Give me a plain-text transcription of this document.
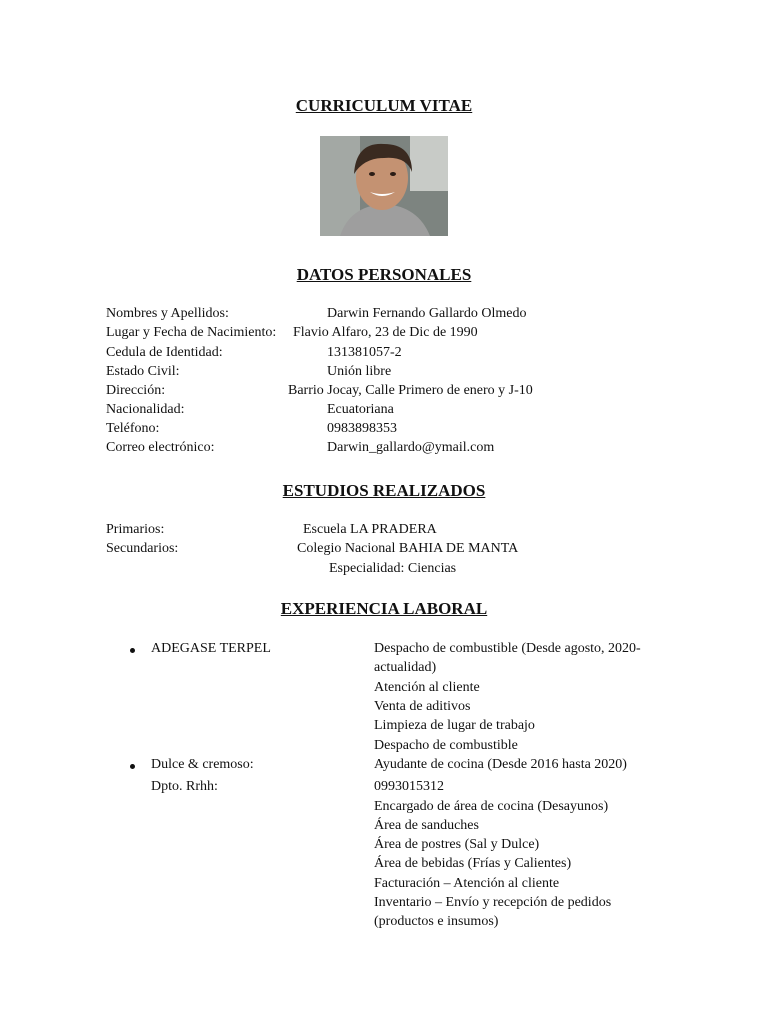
CURRICULUM VITAE
DATOS PERSONALES
Nombres y Apellidos:	Darwin Fernando Gallardo Olmedo
Lugar y Fecha de Nacimiento: Flavio Alfaro, 23 de Dic de 1990
Cedula de Identidad:	131381057-2
Estado Civil:	Unión libre
Dirección:	Barrio Jocay, Calle Primero de enero y J-10
Nacionalidad:	Ecuatoriana
Teléfono:	0983898353
Correo electrónico:	Darwin_gallardo@ymail.com
ESTUDIOS REALIZADOS
Primarios:	Escuela LA PRADERA
Secundarios:	Colegio Nacional BAHIA DE MANTA
Especialidad: Ciencias
EXPERIENCIA LABORAL
ADEGASE TERPEL	Despacho de combustible (Desde agosto, 2020-
actualidad)
Atención al cliente
Venta de aditivos
Limpieza de lugar de trabajo
Despacho de combustible
Dulce & cremoso:	Ayudante de cocina (Desde 2016 hasta 2020)
Dpto. Rrhh:	0993015312
Encargado de área de cocina (Desayunos)
Área de sanduches
Área de postres (Sal y Dulce)
Área de bebidas (Frías y Calientes)
Facturación – Atención al cliente
Inventario – Envío y recepción de pedidos
(productos e insumos)
